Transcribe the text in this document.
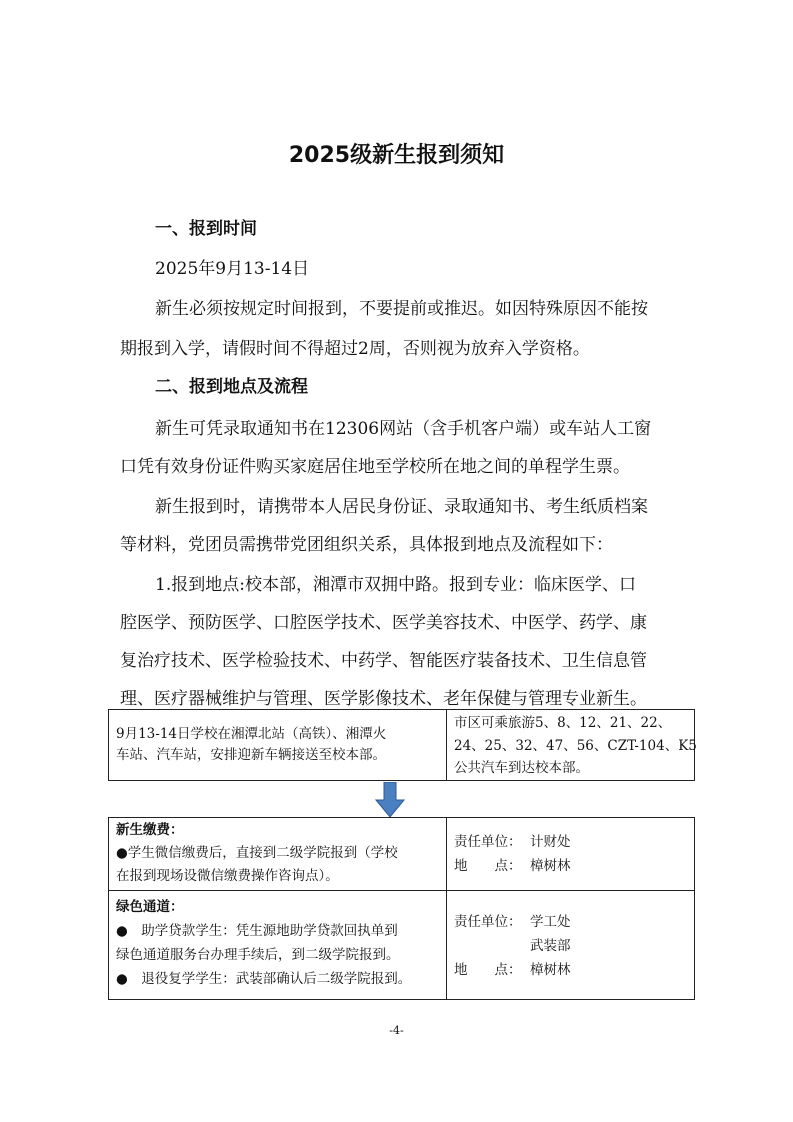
2025级新生报到须知
一、报到时间
2025年9月13-14日
新生必须按规定时间报到，不要提前或推迟。如因特殊原因不能按
期报到入学，请假时间不得超过2周，否则视为放弃入学资格。
二、报到地点及流程
新生可凭录取通知书在12306网站（含手机客户端）或车站人工窗
口凭有效身份证件购买家庭居住地至学校所在地之间的单程学生票。
新生报到时，请携带本人居民身份证、录取通知书、考生纸质档案
等材料，党团员需携带党团组织关系，具体报到地点及流程如下：
1.报到地点:校本部，湘潭市双拥中路。报到专业：临床医学、口
腔医学、预防医学、口腔医学技术、医学美容技术、中医学、药学、康
复治疗技术、医学检验技术、中药学、智能医疗装备技术、卫生信息管
理、医疗器械维护与管理、医学影像技术、老年保健与管理专业新生。
9月13-14日学校在湘潭北站（高铁）、湘潭火
车站、汽车站，安排迎新车辆接送至校本部。
市区可乘旅游5、8、12、21、22、
24、25、32、47、56、CZT-104、K5
公共汽车到达校本部。
新生缴费：
●学生微信缴费后，直接到二级学院报到（学校
在报到现场设微信缴费操作咨询点）。
责任单位： 计财处
地　　点： 樟树林
绿色通道：
●　助学贷款学生：凭生源地助学贷款回执单到
绿色通道服务台办理手续后，到二级学院报到。
●　退役复学学生：武装部确认后二级学院报到。
责任单位： 学工处
武装部
地　　点： 樟树林
-4-
